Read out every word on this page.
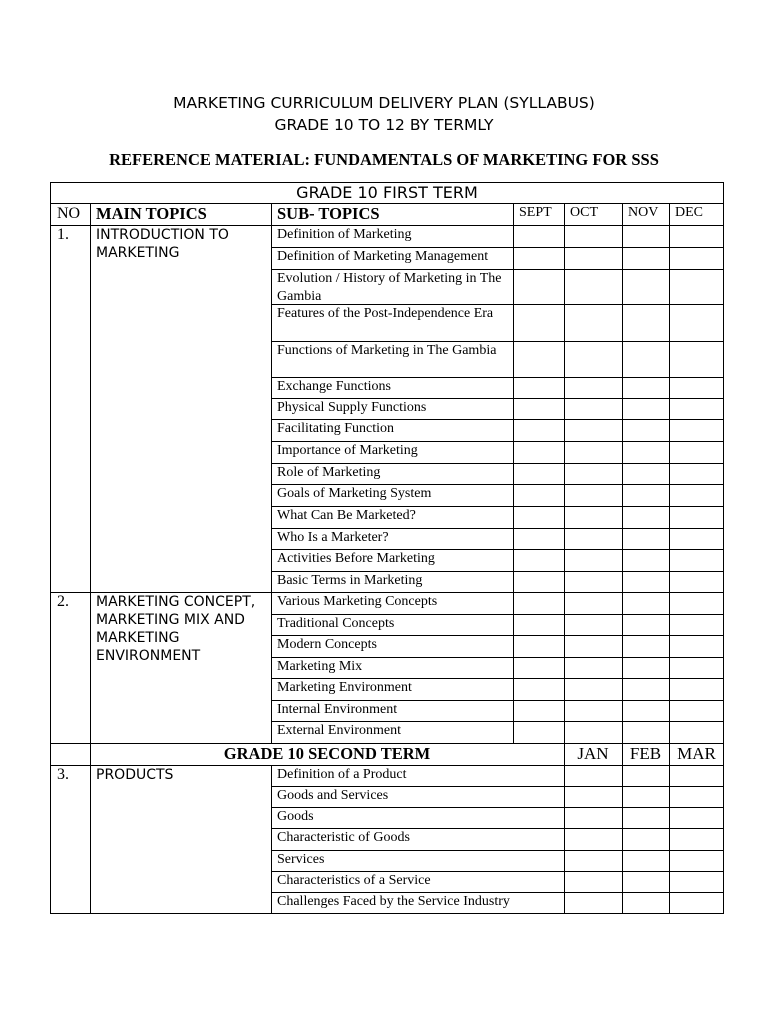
MARKETING CURRICULUM DELIVERY PLAN (SYLLABUS)
GRADE 10 TO 12 BY TERMLY
REFERENCE MATERIAL: FUNDAMENTALS OF MARKETING FOR SSS
GRADE 10 FIRST TERM
NO MAIN TOPICS	SUB- TOPICS	SEPT	OCT	NOV	DEC
1.	INTRODUCTION TO MARKETING
Definition of Marketing
Definition of Marketing Management
Evolution / History of Marketing in The Gambia
Features of the Post-Independence Era
Functions of Marketing in The Gambia
Exchange Functions
Physical Supply Functions
Facilitating Function
Importance of Marketing
Role of Marketing
Goals of Marketing System
What Can Be Marketed?
Who Is a Marketer?
Activities Before Marketing
Basic Terms in Marketing
2.	MARKETING CONCEPT, MARKETING MIX AND MARKETING ENVIRONMENT
Various Marketing Concepts
Traditional Concepts
Modern Concepts
Marketing Mix
Marketing Environment
Internal Environment
External Environment
GRADE 10 SECOND TERM	JAN	FEB MAR
3.	PRODUCTS	Definition of a Product
Goods and Services
Goods
Characteristic of Goods
Services
Characteristics of a Service
Challenges Faced by the Service Industry
